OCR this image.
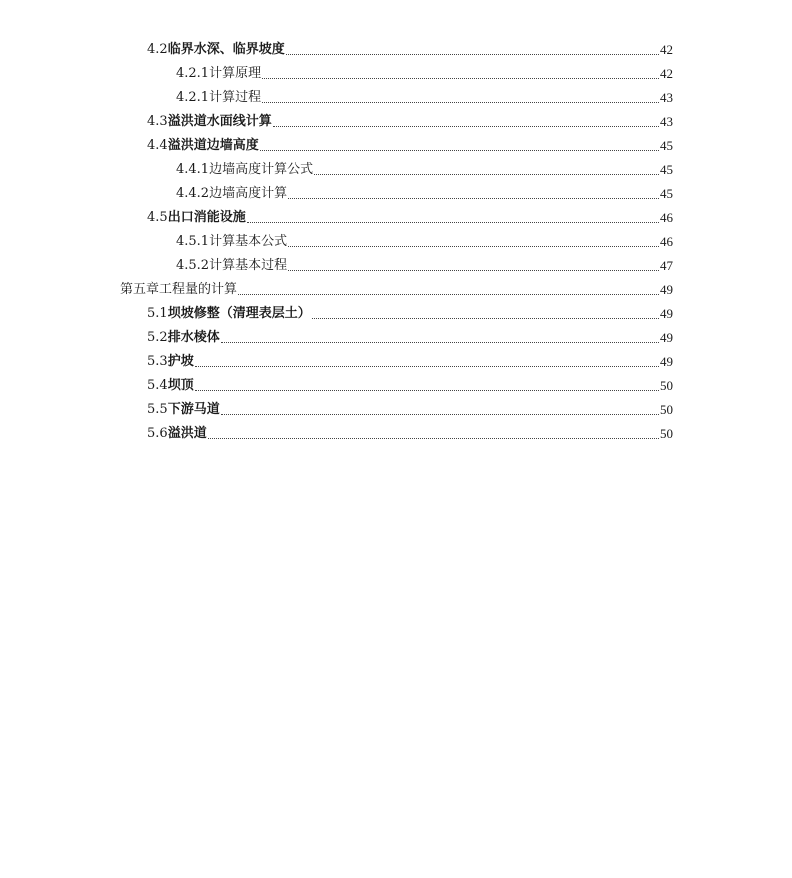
4.2 临界水深、临界坡度	42
4.2.1 计算原理	42
4.2.1 计算过程	43
4.3 溢洪道水面线计算	43
4.4 溢洪道边墙高度	45
4.4.1 边墙高度计算公式	45
4.4.2 边墙高度计算	45
4.5 出口消能设施	46
4.5.1 计算基本公式	46
4.5.2 计算基本过程	47
第五章 工程量的计算	49
5.1 坝坡修整（清理表层土）	49
5.2 排水棱体	49
5.3 护坡	49
5.4 坝顶	50
5.5 下游马道	50
5.6 溢洪道	50
